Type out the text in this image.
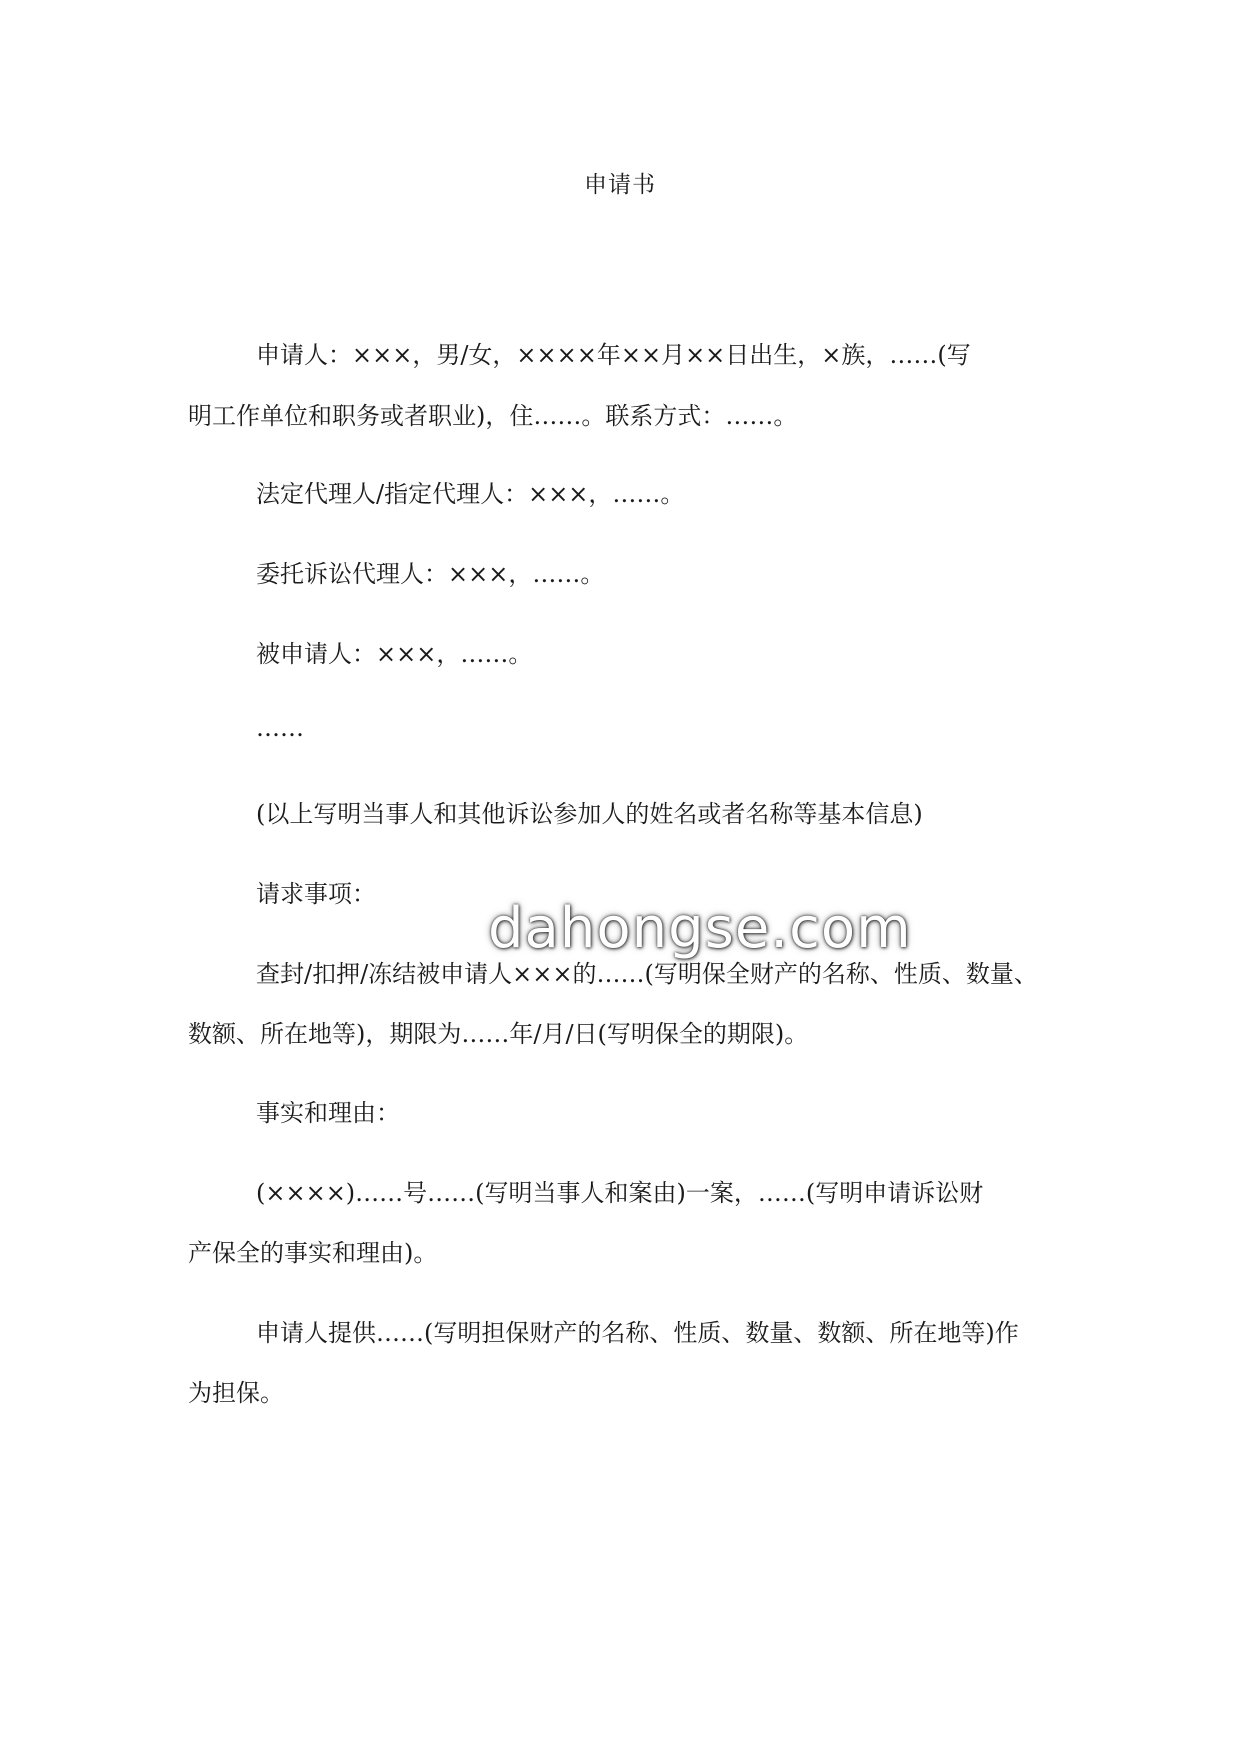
申请书
申请人：×××，男/女，××××年××月××日出生，×族，……(写
明工作单位和职务或者职业)，住……。联系方式：……。
法定代理人/指定代理人：×××，……。
委托诉讼代理人：×××，……。
被申请人：×××，……。
……
(以上写明当事人和其他诉讼参加人的姓名或者名称等基本信息)
请求事项：
查封/扣押/冻结被申请人×××的……(写明保全财产的名称、性质、数量、
数额、所在地等)，期限为……年/月/日(写明保全的期限)。
事实和理由：
(××××)……号……(写明当事人和案由)一案，……(写明申请诉讼财
产保全的事实和理由)。
申请人提供……(写明担保财产的名称、性质、数量、数额、所在地等)作
为担保。
dahongse.com
